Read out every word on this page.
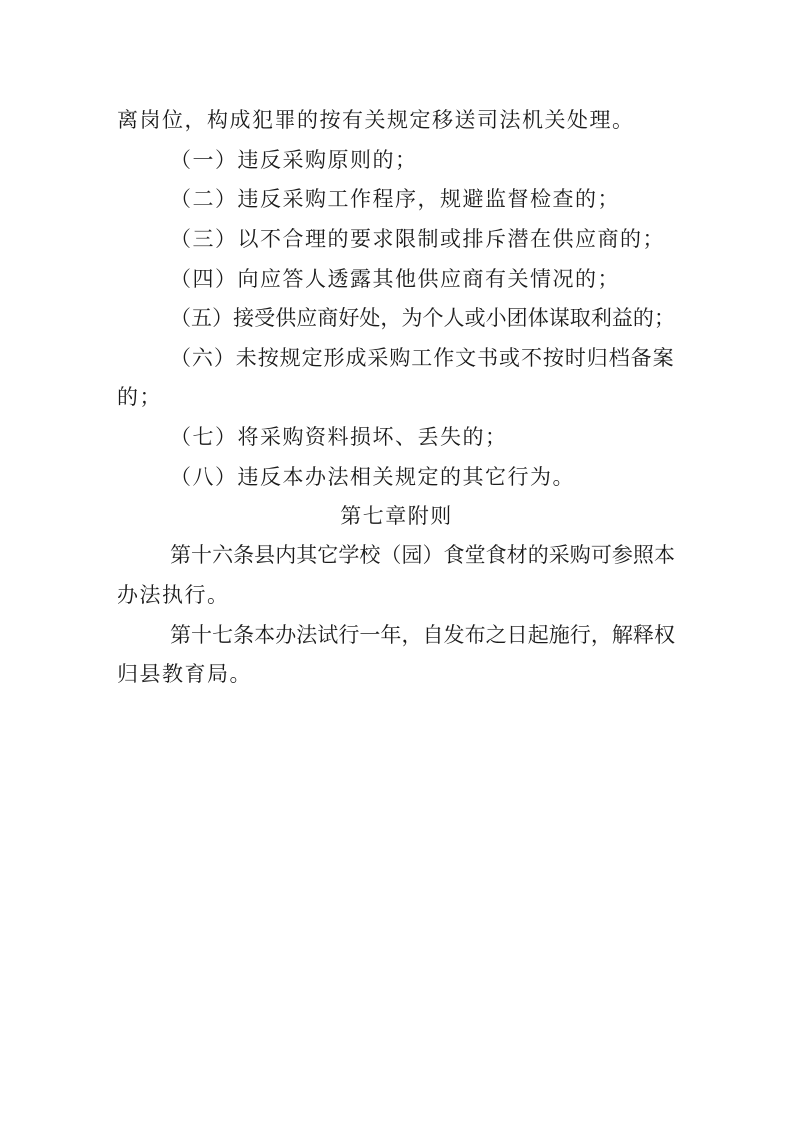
离岗位，构成犯罪的按有关规定移送司法机关处理。

（一）违反采购原则的；

（二）违反采购工作程序，规避监督检查的；

（三）以不合理的要求限制或排斥潜在供应商的；

（四）向应答人透露其他供应商有关情况的；

（五）接受供应商好处，为个人或小团体谋取利益的；

（六）未按规定形成采购工作文书或不按时归档备案

的；

（七）将采购资料损坏、丢失的；

（八）违反本办法相关规定的其它行为。

第七章附则

第十六条县内其它学校（园）食堂食材的采购可参照本

办法执行。

第十七条本办法试行一年，自发布之日起施行，解释权

归县教育局。
